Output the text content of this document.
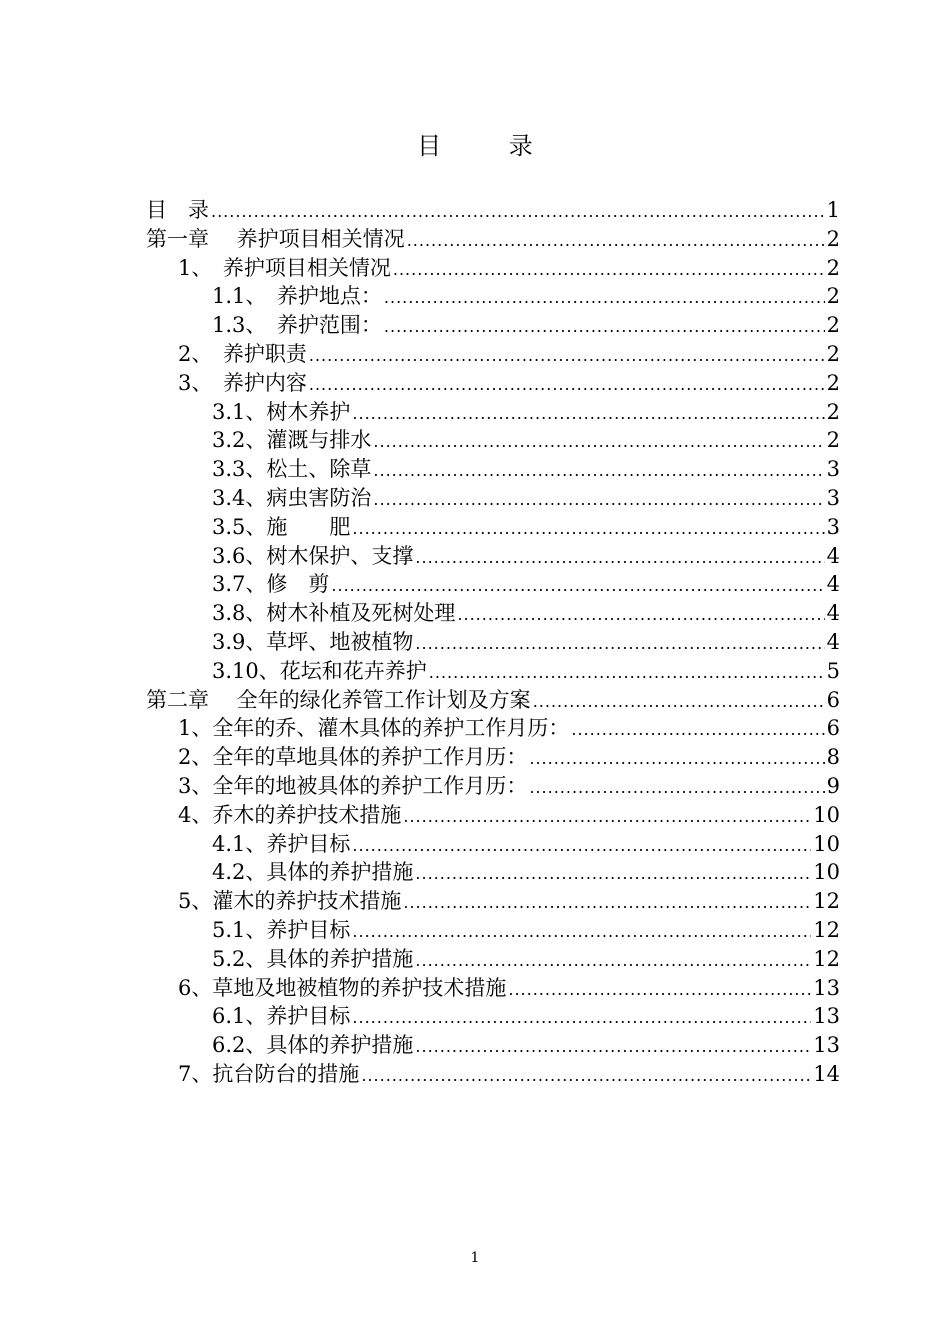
目 录
目　录 .....	1
第一章　 养护项目相关情况 .....	2
1、　养护项目相关情况 .....	2
1.1、　养护地点： .....	2
1.3、　养护范围： .....	2
2、　养护职责 .....	2
3、　养护内容 .....	2
3.1、树木养护 .....	2
3.2、灌溉与排水 .....	2
3.3、松土、除草 .....	3
3.4、病虫害防治 .....	3
3.5、施　　肥 .....	3
3.6、树木保护、支撑 .....	4
3.7、修　剪 .....	4
3.8、树木补植及死树处理 .....	4
3.9、草坪、地被植物 .....	4
3.10、花坛和花卉养护 .....	5
第二章　 全年的绿化养管工作计划及方案 .....	6
1、全年的乔、灌木具体的养护工作月历： .....	6
2、全年的草地具体的养护工作月历： .....	8
3、全年的地被具体的养护工作月历： .....	9
4、乔木的养护技术措施 .....	10
4.1、养护目标 .....	10
4.2、具体的养护措施 .....	10
5、灌木的养护技术措施 .....	12
5.1、养护目标 .....	12
5.2、具体的养护措施 .....	12
6、草地及地被植物的养护技术措施 .....	13
6.1、养护目标 .....	13
6.2、具体的养护措施 .....	13
7、抗台防台的措施 .....	14
1
